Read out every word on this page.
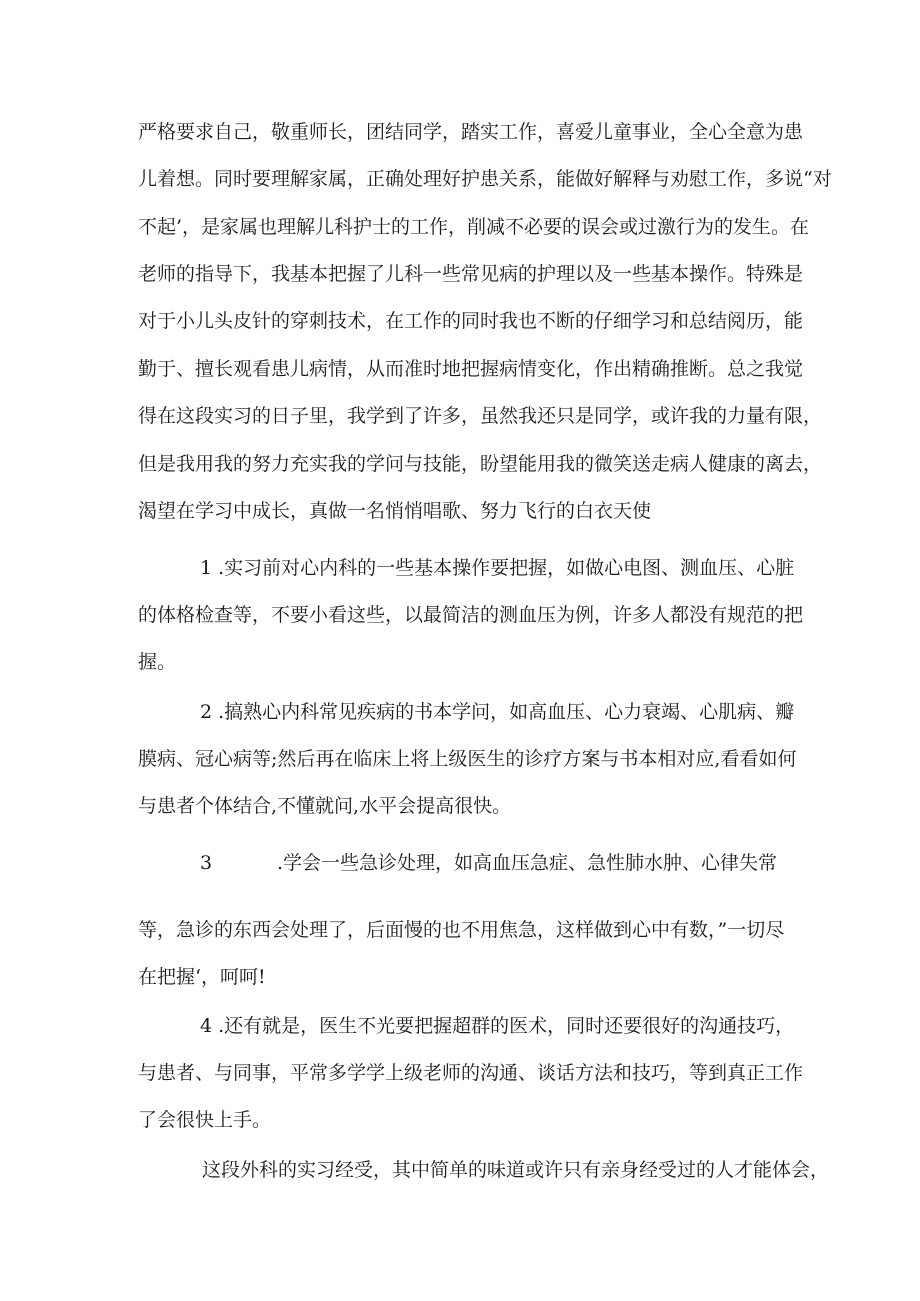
严格要求自己，敬重师长，团结同学，踏实工作，喜爱儿童事业，全心全意为患
儿着想。同时要理解家属，正确处理好护患关系，能做好解释与劝慰工作，多说“对
不起’，是家属也理解儿科护士的工作，削减不必要的误会或过激行为的发生。在
老师的指导下，我基本把握了儿科一些常见病的护理以及一些基本操作。特殊是
对于小儿头皮针的穿刺技术，在工作的同时我也不断的仔细学习和总结阅历，能
勤于、擅长观看患儿病情，从而准时地把握病情变化，作出精确推断。总之我觉
得在这段实习的日子里，我学到了许多，虽然我还只是同学，或许我的力量有限，
但是我用我的努力充实我的学问与技能，盼望能用我的微笑送走病人健康的离去，
渴望在学习中成长，真做一名悄悄唱歌、努力飞行的白衣天使
1 .实习前对心内科的一些基本操作要把握，如做心电图、测血压、心脏
的体格检查等，不要小看这些，以最简洁的测血压为例，许多人都没有规范的把
握。
2 .搞熟心内科常见疾病的书本学问，如高血压、心力衰竭、心肌病、瓣
膜病、冠心病等;然后再在临床上将上级医生的诊疗方案与书本相对应,看看如何
与患者个体结合,不懂就问,水平会提高很快。
3	.学会一些急诊处理，如高血压急症、急性肺水肿、心律失常
等，急诊的东西会处理了，后面慢的也不用焦急，这样做到心中有数，”一切尽
在把握‘，呵呵!
4 .还有就是，医生不光要把握超群的医术，同时还要很好的沟通技巧，
与患者、与同事，平常多学学上级老师的沟通、谈话方法和技巧，等到真正工作
了会很快上手。
这段外科的实习经受，其中简单的味道或许只有亲身经受过的人才能体会，
